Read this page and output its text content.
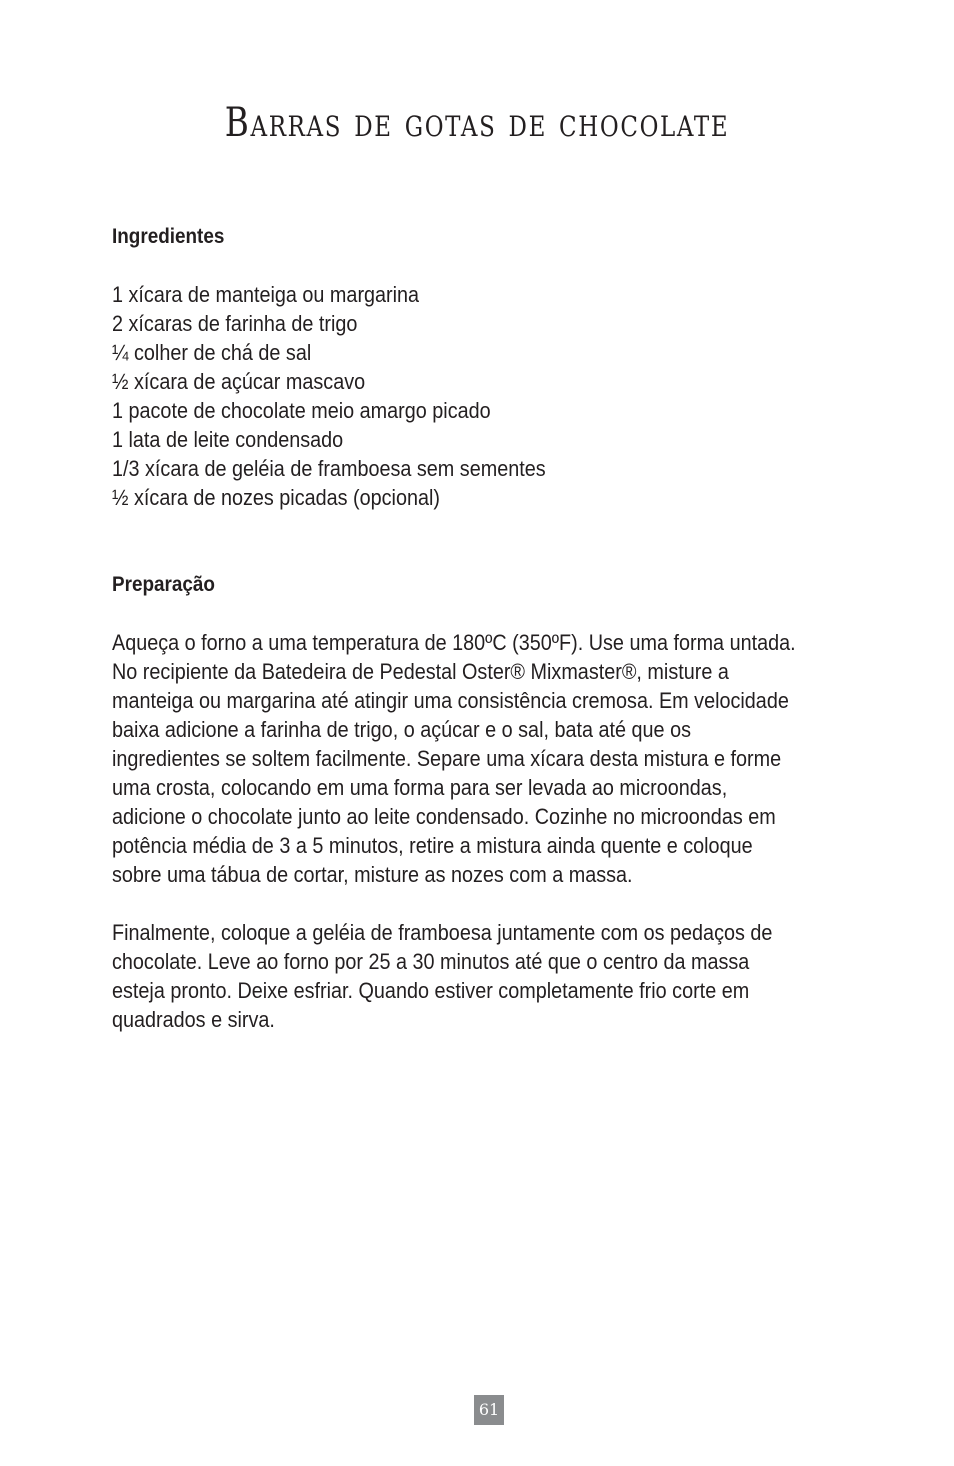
Barras de gotas de chocolate
Ingredientes
1 xícara de manteiga ou margarina
2 xícaras de farinha de trigo
¼ colher de chá de sal
½ xícara de açúcar mascavo
1 pacote de chocolate meio amargo picado
1 lata de leite condensado
1/3 xícara de geléia de framboesa sem sementes
½ xícara de nozes picadas (opcional)
Preparação

Aqueça o forno a uma temperatura de 180ºC (350ºF). Use uma forma untada.
No recipiente da Batedeira de Pedestal Oster® Mixmaster®, misture a
manteiga ou margarina até atingir uma consistência cremosa. Em velocidade
baixa adicione a farinha de trigo, o açúcar e o sal, bata até que os
ingredientes se soltem facilmente. Separe uma xícara desta mistura e forme
uma crosta, colocando em uma forma para ser levada ao microondas,
adicione o chocolate junto ao leite condensado. Cozinhe no microondas em
potência média de 3 a 5 minutos, retire a mistura ainda quente e coloque
sobre uma tábua de cortar, misture as nozes com a massa.

Finalmente, coloque a geléia de framboesa juntamente com os pedaços de
chocolate. Leve ao forno por 25 a 30 minutos até que o centro da massa
esteja pronto. Deixe esfriar. Quando estiver completamente frio corte em
quadrados e sirva.

61
